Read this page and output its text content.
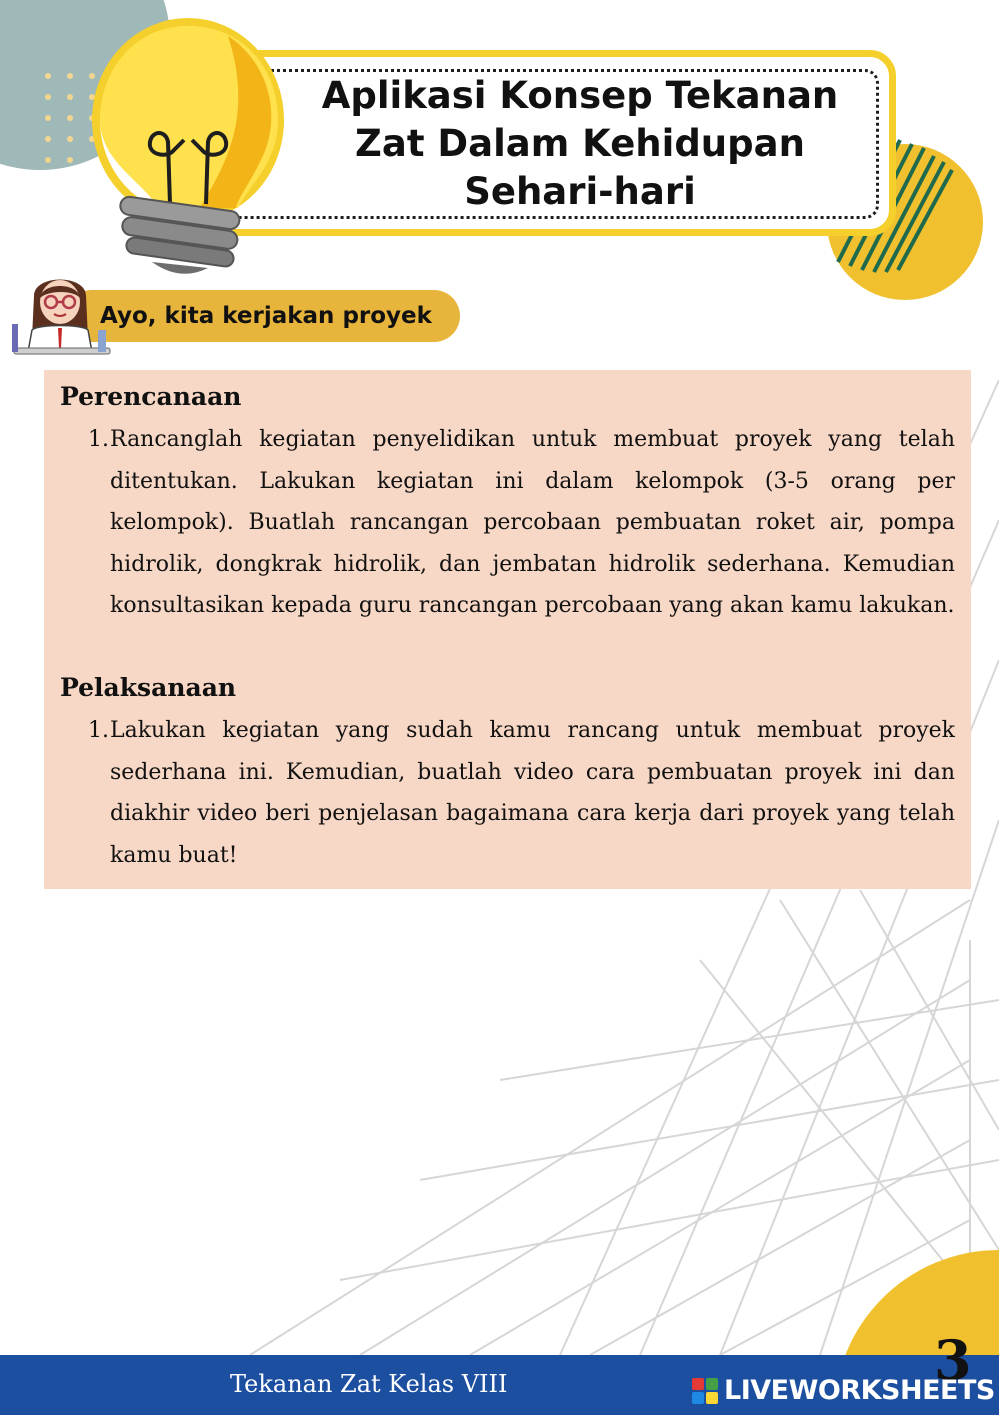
Aplikasi Konsep Tekanan
Zat Dalam Kehidupan
Sehari-hari

Ayo, kita kerjakan proyek

Perencanaan
1. Rancanglah kegiatan penyelidikan untuk membuat proyek yang telah ditentukan. Lakukan kegiatan ini dalam kelompok (3-5 orang per kelompok). Buatlah rancangan percobaan pembuatan roket air, pompa hidrolik, dongkrak hidrolik, dan jembatan hidrolik sederhana. Kemudian konsultasikan kepada guru rancangan percobaan yang akan kamu lakukan.

Pelaksanaan
1. Lakukan kegiatan yang sudah kamu rancang untuk membuat proyek sederhana ini. Kemudian, buatlah video cara pembuatan proyek ini dan diakhir video beri penjelasan bagaimana cara kerja dari proyek yang telah kamu buat!

Tekanan Zat Kelas VIII	3

LIVEWORKSHEETS
